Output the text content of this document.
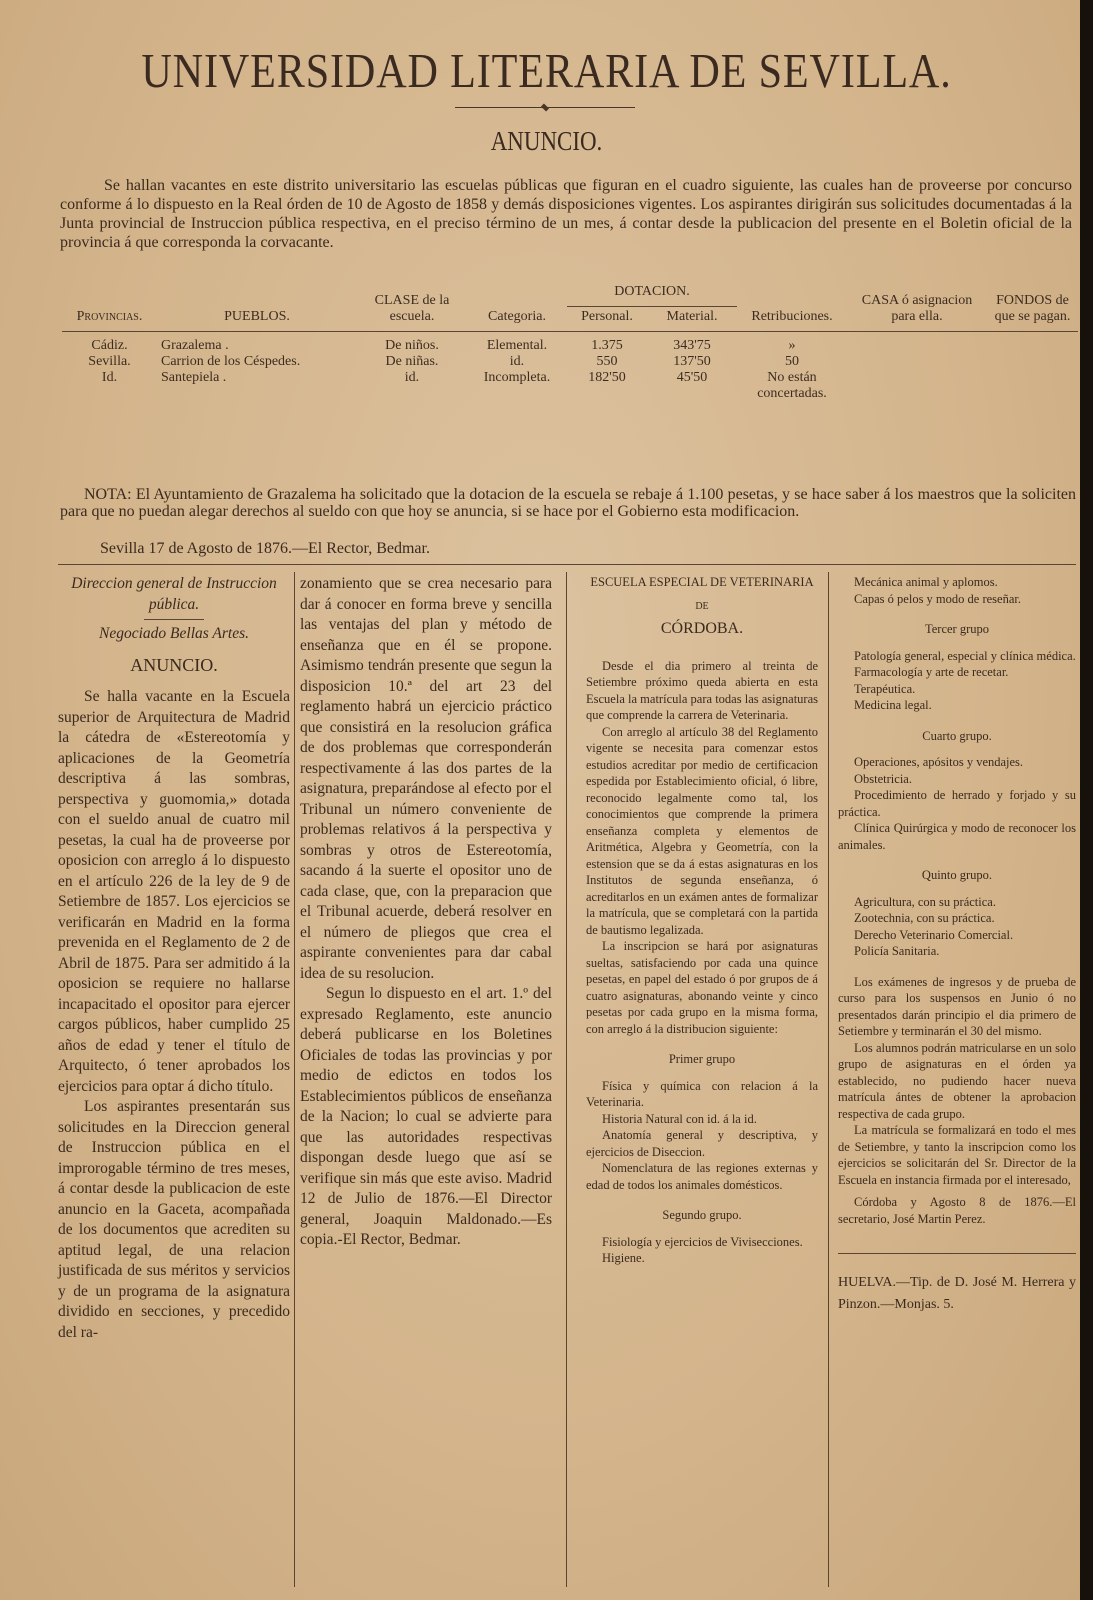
UNIVERSIDAD LITERARIA DE SEVILLA.
ANUNCIO.

Se hallan vacantes en este distrito universitario las escuelas públicas que figuran en el cuadro siguiente, las cuales han de proveerse por concurso conforme á lo dispuesto en la Real órden de 10 de Agosto de 1858 y demás disposiciones vigentes. Los aspirantes dirigirán sus solicitudes documentadas á la Junta provincial de Instruccion pública respectiva, en el preciso término de un mes, á contar desde la publicacion del presente en el Boletin oficial de la provincia á que corresponda la corvacante.

Provincias.	PUEBLOS.	CLASE de la escuela.	Categoria.	DOTACION.		Retribuciones.	CASA ó asignacion para ella.	FONDOS de que se pagan.
				Personal.	Material.			

Cádiz.	Grazalema .	De niños.	Elemental.	1.375	343'75	»		
Sevilla.	Carrion de los Céspedes.	De niñas.	id.	550	137'50	50		
Id.	Santepiela .	id.	Incompleta.	182'50	45'50	No están concertadas.		
NOTA: El Ayuntamiento de Grazalema ha solicitado que la dotacion de la escuela se rebaje á 1.100 pesetas, y se hace saber á los maestros que la soliciten para que no puedan alegar derechos al sueldo con que hoy se anuncia, si se hace por el Gobierno esta modificacion.
Sevilla 17 de Agosto de 1876.—El Rector, Bedmar.

Direccion general de Instruccion pública.

Negociado Bellas Artes.

ANUNCIO.

Se halla vacante en la Escuela superior de Arquitectura de Madrid la cátedra de «Estereotomía y aplicaciones de la Geometría descriptiva á las sombras, perspectiva y guomomia,» dotada con el sueldo anual de cuatro mil pesetas, la cual ha de proveerse por oposicion con arreglo á lo dispuesto en el artículo 226 de la ley de 9 de Setiembre de 1857. Los ejercicios se verificarán en Madrid en la forma prevenida en el Reglamento de 2 de Abril de 1875. Para ser admitido á la oposicion se requiere no hallarse incapacitado el opositor para ejercer cargos públicos, haber cumplido 25 años de edad y tener el título de Arquitecto, ó tener aprobados los ejercicios para optar á dicho título.

Los aspirantes presentarán sus solicitudes en la Direccion general de Instruccion pública en el improrogable término de tres meses, á contar desde la publicacion de este anuncio en la Gaceta, acompañada de los documentos que acrediten su aptitud legal, de una relacion justificada de sus méritos y servicios y de un programa de la asignatura dividido en secciones, y precedido del ra-

zonamiento que se crea necesario para dar á conocer en forma breve y sencilla las ventajas del plan y método de enseñanza que en él se propone. Asimismo tendrán presente que segun la disposicion 10.ª del art 23 del reglamento habrá un ejercicio práctico que consistirá en la resolucion gráfica de dos problemas que corresponderán respectivamente á las dos partes de la asignatura, preparándose al efecto por el Tribunal un número conveniente de problemas relativos á la perspectiva y sombras y otros de Estereotomía, sacando á la suerte el opositor uno de cada clase, que, con la preparacion que el Tribunal acuerde, deberá resolver en el número de pliegos que crea el aspirante convenientes para dar cabal idea de su resolucion.

Segun lo dispuesto en el art. 1.º del expresado Reglamento, este anuncio deberá publicarse en los Boletines Oficiales de todas las provincias y por medio de edictos en todos los Establecimientos públicos de enseñanza de la Nacion; lo cual se advierte para que las autoridades respectivas dispongan desde luego que así se verifique sin más que este aviso. Madrid 12 de Julio de 1876.—El Director general, Joaquin Maldonado.—Es copia.-El Rector, Bedmar.

ESCUELA ESPECIAL DE VETERINARIA

DE

CÓRDOBA.

Desde el dia primero al treinta de Setiembre próximo queda abierta en esta Escuela la matrícula para todas las asignaturas que comprende la carrera de Veterinaria.

Con arreglo al artículo 38 del Reglamento vigente se necesita para comenzar estos estudios acreditar por medio de certificacion espedida por Establecimiento oficial, ó libre, reconocido legalmente como tal, los conocimientos que comprende la primera enseñanza completa y elementos de Aritmética, Algebra y Geometría, con la estension que se da á estas asignaturas en los Institutos de segunda enseñanza, ó acreditarlos en un exámen antes de formalizar la matrícula, que se completará con la partida de bautismo legalizada.

La inscripcion se hará por asignaturas sueltas, satisfaciendo por cada una quince pesetas, en papel del estado ó por grupos de á cuatro asignaturas, abonando veinte y cinco pesetas por cada grupo en la misma forma, con arreglo á la distribucion siguiente:

Primer grupo

Física y química con relacion á la Veterinaria.

Historia Natural con id. á la id.

Anatomía general y descriptiva, y ejercicios de Diseccion.

Nomenclatura de las regiones externas y edad de todos los animales domésticos.

Segundo grupo.

Fisiología y ejercicios de Vivisecciones.

Higiene.

Mecánica animal y aplomos.

Capas ó pelos y modo de reseñar.

Tercer grupo

Patología general, especial y clínica médica.

Farmacología y arte de recetar.

Terapéutica.

Medicina legal.

Cuarto grupo.

Operaciones, apósitos y vendajes.

Obstetricia.

Procedimiento de herrado y forjado y su práctica.

Clínica Quirúrgica y modo de reconocer los animales.

Quinto grupo.

Agricultura, con su práctica.

Zootechnia, con su práctica.

Derecho Veterinario Comercial.

Policía Sanitaria.

Los exámenes de ingresos y de prueba de curso para los suspensos en Junio ó no presentados darán principio el dia primero de Setiembre y terminarán el 30 del mismo.

Los alumnos podrán matricularse en un solo grupo de asignaturas en el órden ya establecido, no pudiendo hacer nueva matrícula ántes de obtener la aprobacion respectiva de cada grupo.

La matrícula se formalizará en todo el mes de Setiembre, y tanto la inscripcion como los ejercicios se solicitarán del Sr. Director de la Escuela en instancia firmada por el interesado,

Córdoba y Agosto 8 de 1876.—El secretario, José Martin Perez.

HUELVA.—Tip. de D. José M. Herrera y Pinzon.—Monjas. 5.
